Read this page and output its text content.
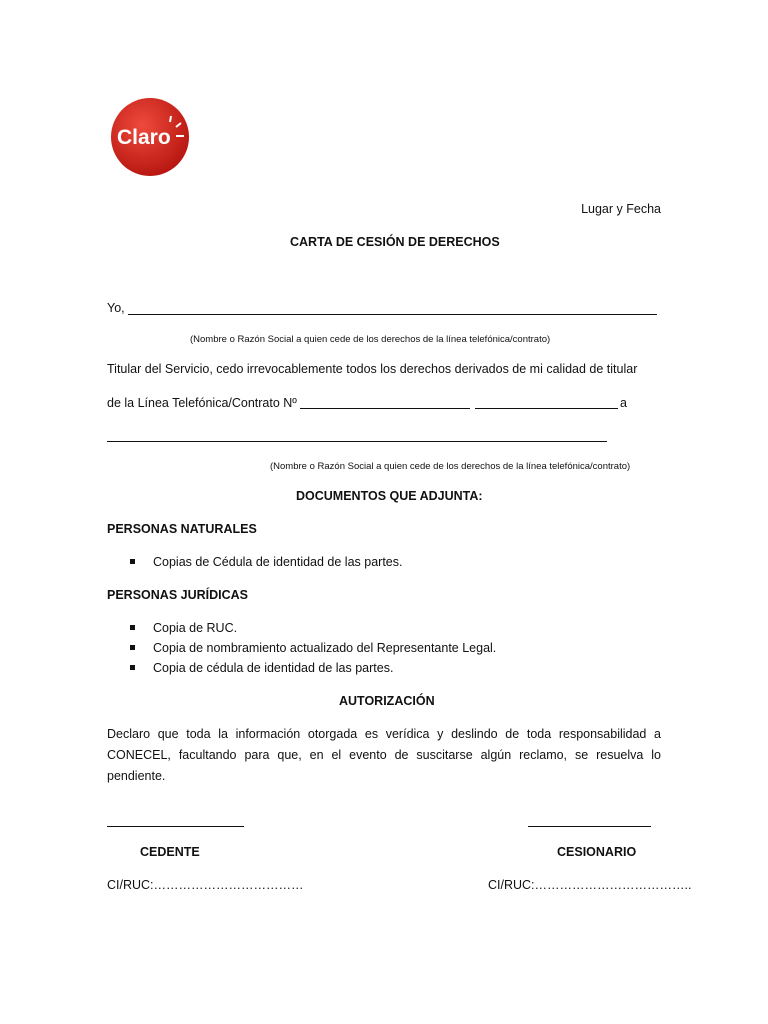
Claro
Lugar y Fecha
CARTA DE CESIÓN DE DERECHOS
Yo,
(Nombre o Razón Social a quien cede de los derechos de la línea telefónica/contrato)
Titular del Servicio, cedo irrevocablemente todos los derechos derivados de mi calidad de titular
de la Línea Telefónica/Contrato Nº	a
(Nombre o Razón Social a quien cede de los derechos de la línea telefónica/contrato)
DOCUMENTOS QUE ADJUNTA:
PERSONAS NATURALES
Copias de Cédula de identidad de las partes.
PERSONAS JURÍDICAS
Copia de RUC.
Copia de nombramiento actualizado del Representante Legal.
Copia de cédula de identidad de las partes.
AUTORIZACIÓN
Declaro que toda la información otorgada es verídica y deslindo de toda responsabilidad a CONECEL, facultando para que, en el evento de suscitarse algún reclamo, se resuelva lo pendiente.
CEDENTE	CESIONARIO
CI/RUC:………………………………	CI/RUC:………………………………..
